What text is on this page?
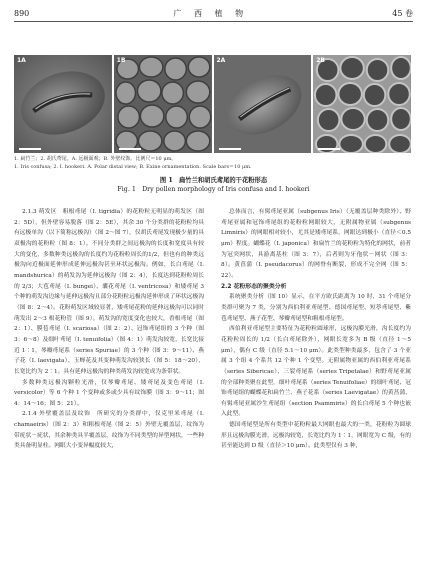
890	广 西 植 物	45 卷
1A	1B	2A	2B
1. 扁竹兰；2. 胡氏鸢尾。A. 远极面观；B. 外壁纹饰。比例尺＝10 μm。
1. Iris confusa; 2. I. hookeri. A. Polar distal view; B. Exine ornamentation. Scale bars＝10 μm.
图 1　扁竹兰和胡氏鸢尾的干花粉形态
Fig. 1　Dry pollen morphology of Iris confusa and I. hookeri

2.1.3 萌发区　粗根鸢尾（I. tigridia）的花粉粒无明显的萌发区（图 2：5D），但外壁容易脱落（图 2：5E），其余 30 个分类群的花粉粒均具有远极单沟（以下简称远极沟）（图 2～图 7），仅胡氏鸢尾发现极少量的具双极沟的花粉粒（图 8：1）。不同分类群之间远极沟的长度和宽度具有较大的变化，多数种类远极沟的长度约为花粉粒周长的1/2，但也有的种类远极沟向近极面延伸形成延伸远极沟甚至环状远极沟。例如，长白鸢尾（I. mandshurica）的萌发沟为延伸远极沟（图 2：4），长度达到花粉粒周长的 2/3；大苞鸢尾（I. bungei）、囊花鸢尾（I. ventricosa）和矮鸢尾 3 个种的萌发沟边缘与延伸远极沟且部分花粉粒远极沟延伸形成了环状远极沟（图 8：2～4）。花粉萌发区域较显著，矮鸢尾花粉的延伸远极沟可以同时萌发出 2～3 根花粉管（图 9）。萌发沟的宽度变化也较大，香根鸢尾（图 2：1）、膜苞鸢尾（I. scariosa）（图 2：2）、冠饰鸢尾组的 3 个种（图 3：6～8）及细叶鸢尾（I. tenuifolia）（图 4：1）萌发沟较宽，长宽比接近 1∶1，琴瓣鸢尾系（series Spuriae）的 3 个种（图 3：9～11）、燕子花（I. laevigata）、玉蝉花及其变种萌发沟较狭长（图 5：18～20），长宽比约为 2∶1。具有延伸远极沟的种类萌发沟较宽成为条带状。

多数种类远极沟颗粒光滑，仅琴瓣鸢尾、矮鸢尾及变色鸢尾（I. versicolor）等 6 个种 1 个变种或多或少具有纹饰膜（图 3：9～11；图 4：14～16；图 5：21）。

2.1.4 外壁覆盖层及纹饰　所研究的分类群中，仅克里米鸢尾（I. chamaeiris）（图 2：3）和粗根鸢尾（图 2：5）外壁无覆盖层，纹饰为带疣状－疣状，其余种类具半覆盖层，纹饰为不同类型的异型网状，一些种类具备明显柱。网眼大小变异幅度较大，

总体而言，有髯鸢尾亚属（subgenus Iris）（无覆盖层种类除外）、野鸢尾亚属和冠饰鸢尾组的花粉粒网眼较大，无附属物亚属（subgenus Limniris）的网眼相对较小，尤其是矮鸢尾系，网眼达到极小（直径＜0.5 μm）程度。蝴蝶花（I. japonica）和扁竹兰的花粉粒为特化的网状，前者为冠突网状，具游离基柱（图 3：7），后者则为牙孢状－网状（图 3：8）。黄菖蒲（I. pseudacorus）的网脊有断裂，形成不完全网（图 5：22）。

2.2 花粉形态的聚类分析

系统聚类分析（图 10）显示，在平方欧氏距离为 10 时，31 个鸢尾分类群可聚为 7 类，分别为西伯利亚鸢尾型、德国鸢尾型、短葶鸢尾型、紫苞鸢尾型、燕子花型、琴瓣鸢尾型和粗根鸢尾型。

西伯利亚鸢尾型主要特征为花粉粒圆球形，远极沟膜光滑，沟长度约为花粉粒周长的 1/2（长白鸢尾除外），网眼长宽多为 B 级（直径 1～5 μm），偶有 C 级（直径 5.1～10 μm）。此类型种类最多，包含了 3 个亚属 3 个组 4 个系共 12 个种 1 个变型。无附属物亚属的西伯利亚鸢尾系（series Sibericae）、三裂鸢尾系（series Tripetalae）和野鸢尾亚属的全部种类聚在此型，细叶鸢尾系（series Tenuifoliae）的细叶鸢尾、冠饰鸢尾组的蝴蝶花和扁竹兰、燕子花系（series Laevigatae）的黄菖蒲、有髯鸢尾亚属沙生鸢尾组（section Psammiris）的长白鸢尾 5 个种也嵌入此型。

德国鸢尾型是所有类型中花粉粒最大网眼也最大的一类，花粉粒为圆球形且远极沟膜光滑，远极沟较宽，长宽比约为 1∶1，网眼宽为 C 级，有的甚至能达到 D 级（直径＞10 μm）。此类型仅有 3 种，
